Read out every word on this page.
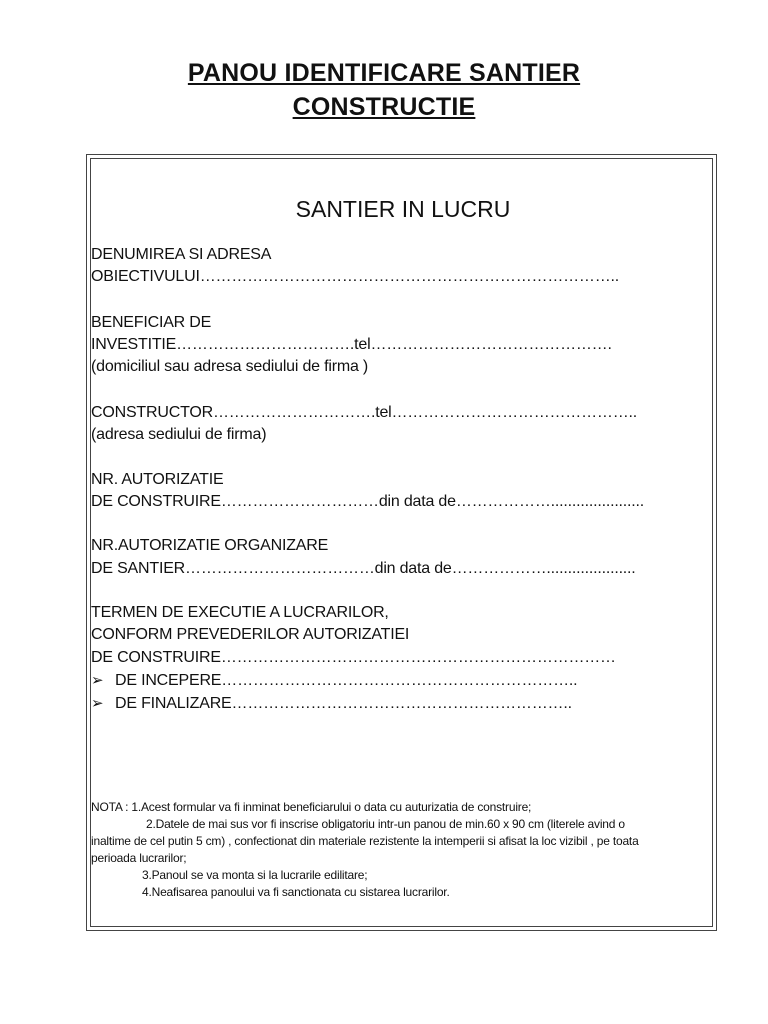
PANOU IDENTIFICARE SANTIER
CONSTRUCTIE
SANTIER IN LUCRU
DENUMIREA SI ADRESA
OBIECTIVULUI……………………………………………………………………..
BENEFICIAR DE
INVESTITIE…………………………….tel……………………………………….
(domiciliul sau adresa sediului de firma )
CONSTRUCTOR………………………….tel………………………………………..
(adresa sediului de firma)
NR. AUTORIZATIE
DE CONSTRUIRE…………………………din data de………………......................
NR.AUTORIZATIE ORGANIZARE
DE SANTIER………………………………din data de……………….....................
TERMEN DE EXECUTIE A LUCRARILOR,
CONFORM PREVEDERILOR AUTORIZATIEI
DE CONSTRUIRE…………………………………………………………………
➢ DE INCEPERE…………………………………………………………..
➢ DE FINALIZARE………………………………………………………..
NOTA : 1.Acest formular va fi inminat beneficiarului o data cu auturizatia de construire;
2.Datele de mai sus vor fi inscrise obligatoriu intr-un panou de min.60 x 90 cm (literele avind o
inaltime de cel putin 5 cm) , confectionat din materiale rezistente la intemperii si afisat la loc vizibil , pe toata
perioada lucrarilor;
3.Panoul se va monta si la lucrarile edilitare;
4.Neafisarea panoului va fi sanctionata cu sistarea lucrarilor.
